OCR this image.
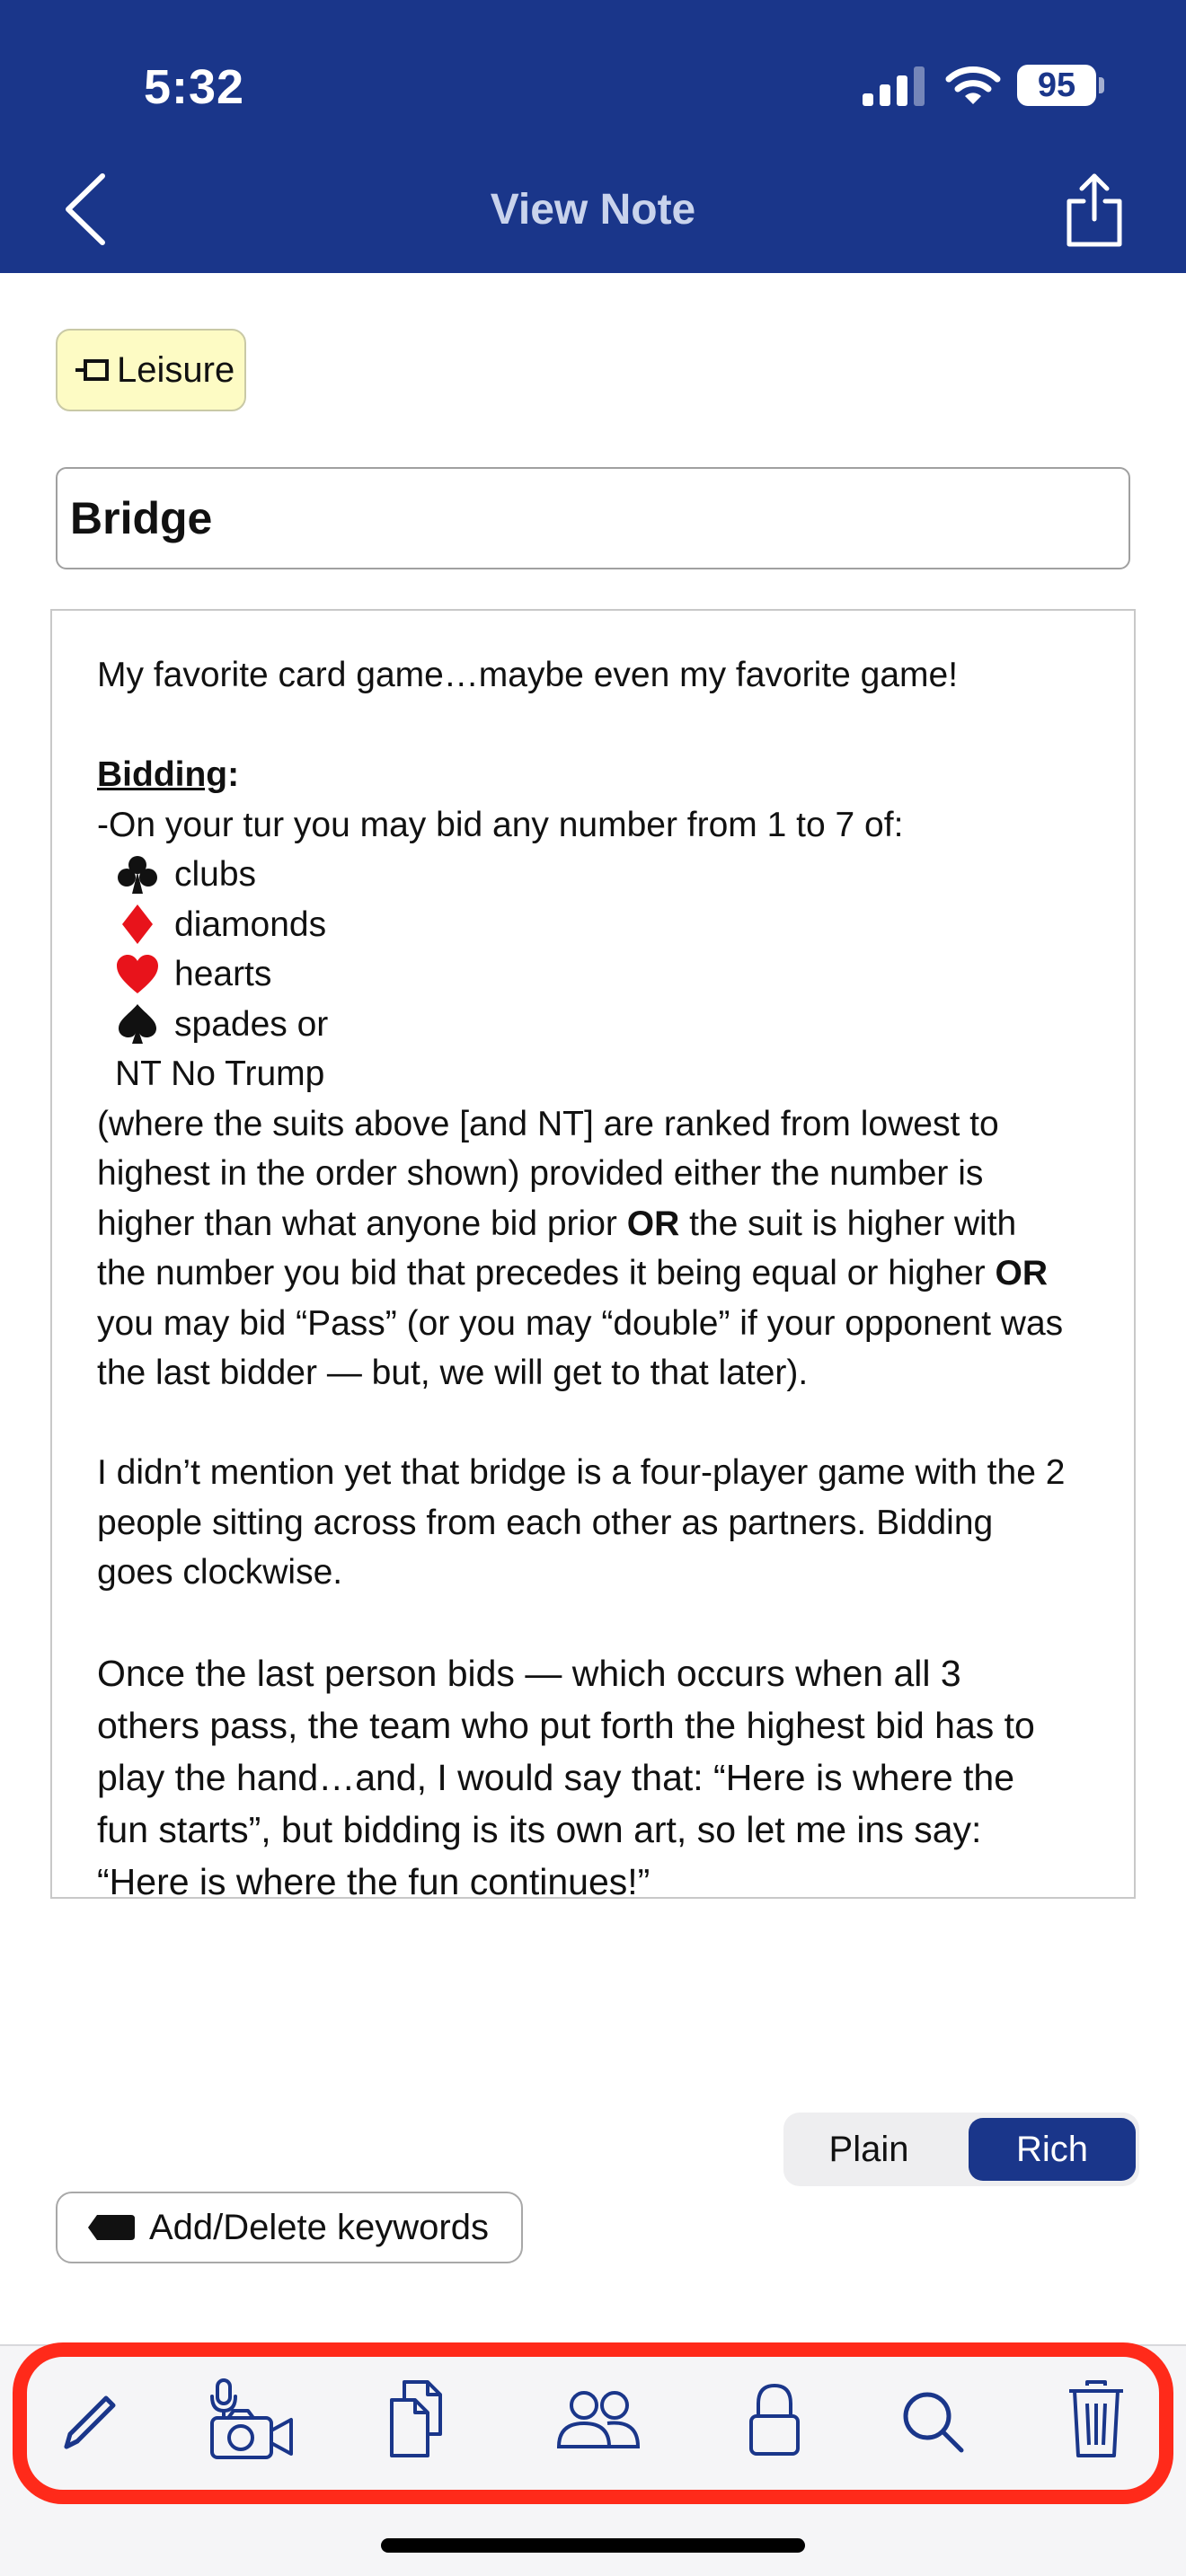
5:32	95
View Note
Leisure
Bridge
My favorite card game…maybe even my favorite game!
Bidding:
-On your tur you may bid any number from 1 to 7 of:
clubs
diamonds
hearts
spades or
NT No Trump
(where the suits above [and NT] are ranked from lowest to
highest in the order shown) provided either the number is
higher than what anyone bid prior OR the suit is higher with
the number you bid that precedes it being equal or higher OR
you may bid “Pass” (or you may “double” if your opponent was
the last bidder — but, we will get to that later).
I didn’t mention yet that bridge is a four-player game with the 2
people sitting across from each other as partners. Bidding
goes clockwise.
Once the last person bids — which occurs when all 3
others pass, the team who put forth the highest bid has to
play the hand…and, I would say that: “Here is where the
fun starts”, but bidding is its own art, so let me ins say:
“Here is where the fun continues!”
Plain	Rich
Add/Delete keywords
